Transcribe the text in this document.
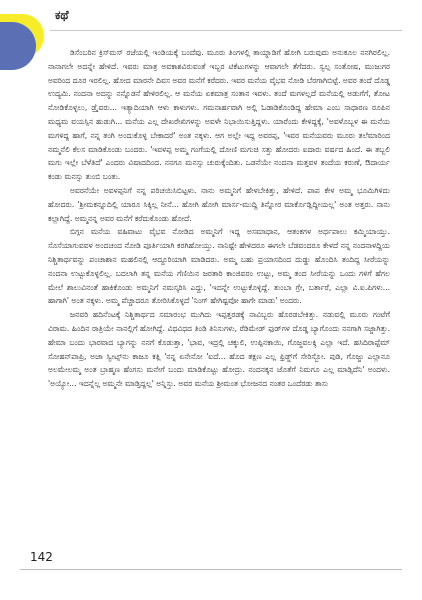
ಕಥೆ

ಡಿಸೆಂಬರಿನ ಕ್ರಿಸ್‌ಮಸ್ ರಜೆಯಲ್ಲಿ ಇಂಡಿಯಕ್ಕೆ ಬಂದೆವು. ಮೂರು ತಿಂಗಳಲ್ಲಿ ತಾಯ್ನಾಡಿಗೆ ಹೋಗಿ ಬರುವುದು ಅನುಕೂಲ ನನಗಿರಲಿಲ್ಲ. ನಾನಾಗಲೇ ಅದನ್ನೇ ಹೇಳಿದೆ. ಇವರು ಮಾತ್ರ ಅವಕಾಶವಿರುವಂತೆ ಇಬ್ಬರ ಟಿಕೆಟುಗಳನ್ನು ಆವಾಗಲೇ ತೆಗೆದರು. ಸ್ವಲ್ಪ ಸಂತೋಷ, ಮುಜುಗರ ಅವರಿಂದ ದೂರ ಇರಲಿಲ್ಲ. ಹೋದ ಮಾರನೇ ದಿವಸ ಅವರ ಮನೆಗೆ ಕರೆದರು. ಇವರ ಮನೆಯ ವೈಭವ ನೋಡಿ ಬೆರಗಾಗಿಬಿಟ್ಟೆ. ಅವರ ತಂದೆ ದೊಡ್ಡ ಉದ್ಯಮಿ. ನಂದನಾ ಅದನ್ನು ನನ್ನೊಡನೆ ಹೇಳಿರಲಿಲ್ಲ. ಆ ಮನೆಯ ಏಕಮಾತ್ರ ಸಂತಾನ ಇವಳು. ತಂದೆ ಮಗಳಲ್ಲದೆ ಮನೆಯಲ್ಲಿ ಅಡುಗೆಗೆ, ತೋಟ ನೋಡಿಕೊಳ್ಳಲು, ಡ್ರೈವರು... ಇತ್ಯಾದಿಯಾಗಿ ಆಳು ಕಾಳುಗಳು. ಗಮನಾರ್ಹವಾಗಿ ಅಲ್ಲಿ ಓಡಾಡಿಕೊಂಡಿದ್ದ ಹೇಮಾ ಎಂಬ ಸಾಧಾರಣ ರೂಪಿನ ಮಧ್ಯಮ ವಯಸ್ಸಿನ ಹುಡುಗಿ... ಮನೆಯ ಎಲ್ಲ ದೇಖರೇಖಿಗಳನ್ನು ಅವಳೇ ನಿಭಾಯಿಸುತ್ತಿದ್ದಳು. ಯಾರೆಂದು ಕೇಳಿದ್ದಕ್ಕೆ, 'ಅವಳೊಬ್ಬಳ ಈ ಮನೆಯ ಮಗಳಿದ್ದ ಹಾಗೆ, ನನ್ನ ತಂಗಿ ಅಂದುಕೊಳ್ಳ ಬೇಕಾದರೆ' ಅಂತ ನಕ್ಕಳು. ಆಗ ಅಲ್ಲೇ ಇದ್ದ ಅವರಪ್ಪ, 'ಇವರ ಮನೆಯವರು ಮೂರು ತಲೆಮಾರಿಂದ ನಮ್ಮನೆಲಿ ಕೆಲಸ ಮಾಡಿಕೊಂಡು ಬಂದರು. 'ಇವಳಪ್ಪ ಅಮ್ಮ ಗಂಗೆಯಲ್ಲಿ ದೋಣಿ ಮಗುಚಿ ಸತ್ತು ಹೋದರು ಐದಾರು ವರ್ಷದ ಹಿಂದೆ. ಈ ತಬ್ಬಲಿ ಮಗು ಇಲ್ಲೇ ಬೆಳೆತಿದೆ' ಎಂದರು ವಿಷಾದದಿಂದ. ನನಗೂ ಮನಸ್ಸು ಚುರುಕ್ಕೆಂದಿತು. ಒಡನೆಯೇ ನಂದನಾ ಮತ್ತವಳ ತಂದೆಯ ಕರುಣೆ, ಔದಾರ್ಯ ಕಂಡು ಮನಸ್ಸು ತುಂಬಿ ಬಂತು.

ಅವರನೆಯೇ ಅವಳಪ್ಪನಿಗೆ ನನ್ನ ಪರಿಚಯಿಸಿಬಿಟ್ಟಳು. ನಾನು ಅಮ್ಮನಿಗೆ ಹೇಳಬೇಕಿತ್ತು, ಹೇಳಿದೆ. ಪಾಪ ಕೇಳ ಅಮ್ಮ ಭೂಮಿಗಿಳಿದು ಹೋದರು. 'ಶ್ರೀಮಕನ್ನೂದಿಲ್ಲಿ ಯಾರೂ ಸಿಕ್ಕಿಲ್ಲ ನೀನೆ... ಹೋಗಿ ಹೋಗಿ ಮಾರ್ಸ-ಮುದ್ದಿ ತಿನ್ನೋರ ಮಾರ್ಕೊಡ್ಲಿದ್ದೀಯಲ್ಲ' ಅಂತ ಅತ್ತರು. ನಾನು ಕಲ್ಲಾಗಿದ್ದೆ. ಅಮ್ಮನನ್ನ ಅವರ ಮನೆಗೆ ಕರೆದುಕೊಂಡು ಹೋದೆ.

ಬಿಗ್ಗನ ಮನೆಯ ವಹಿವಾಟು ವೈಭವ ನೋಡಿದ ಅಮ್ಮನಿಗೆ ಇದ್ದ ಅಸಮಾಧಾನ, ಆತಂಕಗಳ ಅರ್ಧಪಾಲು ಕಮ್ಮಿಯಾಯ್ತು. ಸೊಸೆಯಾಗುವವಳ ಅಂದಚಂದ ನೋಡಿ ಪೂರ್ತಿಯಾಗಿ ಕರಗಿಹೋಯ್ತು. ನಾನಿಷ್ಟೇ ಹೇಳಿದರೂ ಈಗಲೇ ಬೆಡವಂದರೂ ಕೇಳದೆ ನನ್ನ ನಂದನಾಳದ್ದಿಯ ನಿಶ್ಚಿತಾರ್ಥವನ್ನು ಪಂಚಾಶಾನ ಮಹಲಿನಲ್ಲಿ ಆದ್ದೂರಿಯಾಗಿ ಮಾಡಿದರು. ಅಮ್ಮ ಬಹು ಪ್ರಯಾಸದಿಂದ ದುಡ್ಡು ಹೊಂದಿಸಿ ತಂದಿದ್ದ ಸೀರೆಯನ್ನು ನಂದನಾ ಉಟ್ಟುಕೊಳ್ಳಲಿಲ್ಲ. ಬದಲಾಗಿ ತನ್ನ ಮನೆಯ ಗೆಣಿಯಿನ ಜರತಾರಿ ಕಾಂಜಿವರಂ ಉಟ್ಟು, ಅಮ್ಮ ತಂದ ಸೀರೆಯನ್ನು ಒಂದು ಗಳಿಗೆ ಹೆಗಲ ಮೇಲೆ ಶಾಲುವಿನಂತೆ ಹಾಕಿಕೊಂಡು ಅಮ್ಮನಿಗೆ ನಮಸ್ಕರಿಸಿ ಎದ್ದು, 'ಇದನ್ನೇ ಉಟ್ಟುಕೊಳ್ಳಿದ್ದೆ. ತುಂಬಾ ಗ್ರೇ, ಬರ್ತಾರೆ, ಎಲ್ಲಾ ವಿ.ಐ.ಪಿಗಳು... ಹಾಗಾಗಿ' ಅಂತ ನಕ್ಕಳು. ಅಮ್ಮ ಪೆಚ್ಚಾದರೂ ತೋರಿಸಿಕೊಳ್ಳದೆ 'ನಿಂಗ್ ಹೇಗಿಷ್ಟವೋ ಹಾಗೇ ಮಾಡು' ಅಂದರು.

ಜನವರಿ ಹದಿನೆಂಟಕ್ಕೆ ನಿಶ್ಚಿತಾರ್ಥದ ಸಮಾರಂಭ ಮುಗಿದು ಇಪ್ಪತ್ತರಡಕ್ಕೆ ನಾವಿಬ್ಬರು ಹೊರಡಬೇಕಿತ್ತು. ನಡುವಲ್ಲಿ ಮೂರು ಗಂಟೆಗೆ ವಿರಾಮ. ಹಿಂದಿನ ರಾತ್ರಿಯೇ ನಾನಲ್ಲಿಗೆ ಹೋಗಿದ್ದೆ. ವಿಧವಿಧದ ತಿಂಡಿ ತಿನಿಸುಗಳು, ರೆಡಿಮೇಡ್ ಫುಡ್‌ಗಳ ದೊಡ್ಡ ಬ್ಯಾಗೊಂದು ನನಗಾಗಿ ಸಜ್ಜಾಗಿತ್ತು. ಹೇಮಾ ಬಂದು ಭಾರವಾದ ಬ್ಯಾಗನ್ನು ನನಗೆ ಕೊಡುತ್ತಾ, 'ಭಾವ, ಇದ್ರಲ್ಲಿ ಚಕ್ಕುಲಿ, ಉಪ್ಪಿನಕಾಯಿ, ಗೊಜ್ಜವಲಕ್ಕಿ ಎಲ್ಲಾ ಇದೆ. ಹಸಿದಿರಾಪ್ಟೆಮ್ ಸೋಹನ್‌ಪಾಪ್ರಿ, ಅಜಾ ಸ್ವೀಟ್ಸ್‌ನು ಕಾಜೂ ಕತ್ಲಿ 'ನನ್ನ ಏನೇನೋ 'ಐದೆ... ಹೊದ ತಕ್ಷಣ ಎಲ್ಲ ಫ್ರಿಡ್ಜ್‌ಗೆ ಸೇರಿಸ್ಬೋ. ಪುಡಿ, ಗೊಜ್ಜು ಎಲ್ಲಾನೂ ಅಲಮೇಲಮ್ಮ ಅಂತ ಬ್ರಾಹ್ಮಣ ಹೆಂಗಸು ಮನೇಗೆ ಬಂದು ಮಾಡಿಕೊಟ್ಟು ಹೋದ್ರು. ನಂದನಕ್ಕನ ಜೊತೆಗೆ ನಿಮಗೂ ಎಲ್ಲ ಮಾಡ್ಸಿದೆನಿ' ಅಂದಳು. 'ಅಯ್ಯೋ... ಇದನ್ನೆಲ್ಲ ಅಮ್ಮನೇ ಮಾಡ್ತಿದ್ದಲ್ಲ' ಅನ್ನಿಸ್ತು. ಅವರ ಮನೆಯ ಶ್ರೀಮಂತ ಭೋಜನದ ನಂತರ ಒಂದೆರಡು ತಾಸು

142
